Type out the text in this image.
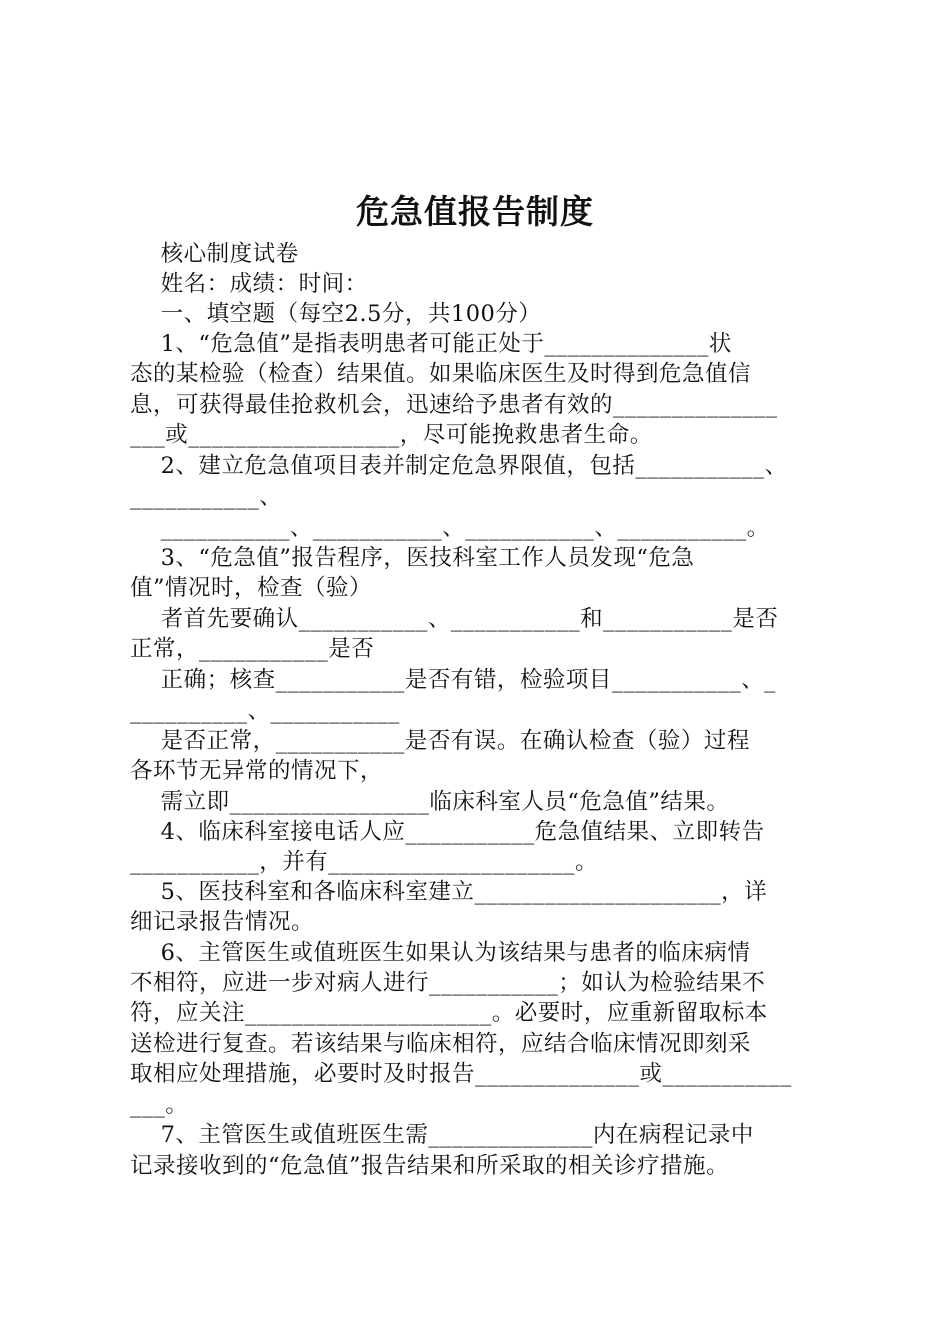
危急值报告制度
核心制度试卷
姓名：成绩：时间：
一、填空题（每空2.5分，共100分）
1、“危急值”是指表明患者可能正处于______________状
态的某检验（检查）结果值。如果临床医生及时得到危急值信
息，可获得最佳抢救机会，迅速给予患者有效的______________
___或__________________，尽可能挽救患者生命。
2、建立危急值项目表并制定危急界限值，包括___________、
___________、
___________、___________、___________、___________。
3、“危急值”报告程序，医技科室工作人员发现“危急
值”情况时，检查（验）
者首先要确认___________、___________和___________是否
正常，___________是否
正确；核查___________是否有错，检验项目___________、_
__________、___________
是否正常，___________是否有误。在确认检查（验）过程
各环节无异常的情况下，
需立即_________________临床科室人员“危急值”结果。
4、临床科室接电话人应___________危急值结果、立即转告
___________，并有_____________________。
5、医技科室和各临床科室建立_____________________，详
细记录报告情况。
6、主管医生或值班医生如果认为该结果与患者的临床病情
不相符，应进一步对病人进行___________；如认为检验结果不
符，应关注_____________________。必要时，应重新留取标本
送检进行复查。若该结果与临床相符，应结合临床情况即刻采
取相应处理措施，必要时及时报告______________或___________
___。
7、主管医生或值班医生需______________内在病程记录中
记录接收到的“危急值”报告结果和所采取的相关诊疗措施。
